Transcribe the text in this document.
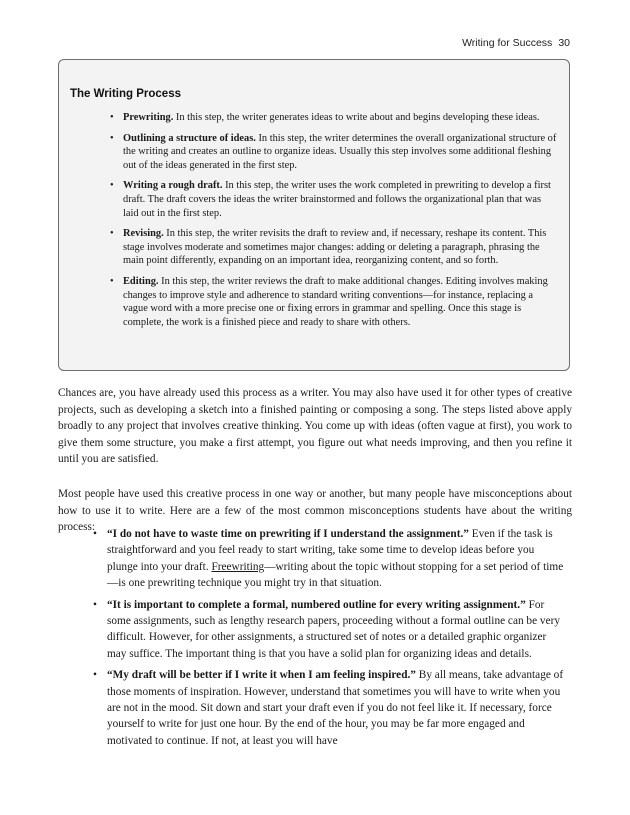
Writing for Success 30
The Writing Process
• Prewriting. In this step, the writer generates ideas to write about and begins developing these ideas.
• Outlining a structure of ideas. In this step, the writer determines the overall organizational structure of the writing and creates an outline to organize ideas. Usually this step involves some additional fleshing out of the ideas generated in the first step.
• Writing a rough draft. In this step, the writer uses the work completed in prewriting to develop a first draft. The draft covers the ideas the writer brainstormed and follows the organizational plan that was laid out in the first step.
• Revising. In this step, the writer revisits the draft to review and, if necessary, reshape its content. This stage involves moderate and sometimes major changes: adding or deleting a paragraph, phrasing the main point differently, expanding on an important idea, reorganizing content, and so forth.
• Editing. In this step, the writer reviews the draft to make additional changes. Editing involves making changes to improve style and adherence to standard writing conventions—for instance, replacing a vague word with a more precise one or fixing errors in grammar and spelling. Once this stage is complete, the work is a finished piece and ready to share with others.

Chances are, you have already used this process as a writer. You may also have used it for other types of creative projects, such as developing a sketch into a finished painting or composing a song. The steps listed above apply broadly to any project that involves creative thinking. You come up with ideas (often vague at first), you work to give them some structure, you make a first attempt, you figure out what needs improving, and then you refine it until you are satisfied.

Most people have used this creative process in one way or another, but many people have misconceptions about how to use it to write. Here are a few of the most common misconceptions students have about the writing process:

• “I do not have to waste time on prewriting if I understand the assignment.” Even if the task is straightforward and you feel ready to start writing, take some time to develop ideas before you plunge into your draft. Freewriting—writing about the topic without stopping for a set period of time—is one prewriting technique you might try in that situation.
• “It is important to complete a formal, numbered outline for every writing assignment.” For some assignments, such as lengthy research papers, proceeding without a formal outline can be very difficult. However, for other assignments, a structured set of notes or a detailed graphic organizer may suffice. The important thing is that you have a solid plan for organizing ideas and details.
• “My draft will be better if I write it when I am feeling inspired.” By all means, take advantage of those moments of inspiration. However, understand that sometimes you will have to write when you are not in the mood. Sit down and start your draft even if you do not feel like it. If necessary, force yourself to write for just one hour. By the end of the hour, you may be far more engaged and motivated to continue. If not, at least you will have
